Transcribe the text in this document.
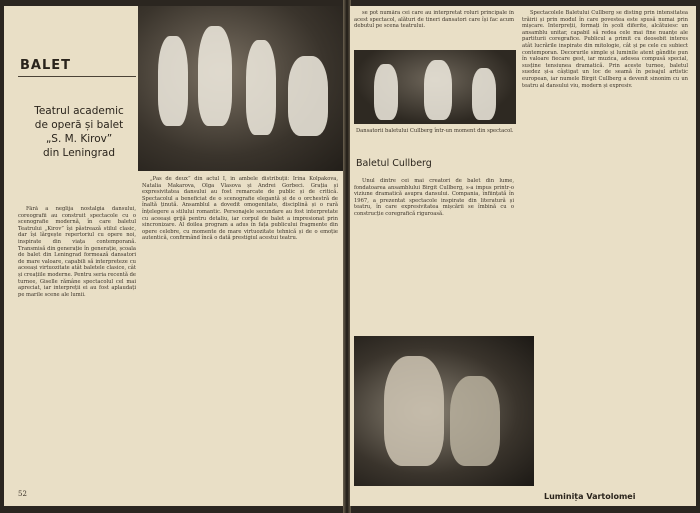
BALET
Teatrul academic
de operă și balet
„S. M. Kirov”
din Leningrad

Fără a neglija nostalgia dansului, coreografii au construit spectacole cu o scenografie modernă, în care baletul Teatrului „Kirov” își păstrează stilul clasic, dar își lărgește repertoriul cu opere noi, inspirate din viața contemporană. Transmisă din generație în generație, școala de balet din Leningrad formează dansatori de mare valoare, capabili să interpreteze cu aceeași virtuozitate atât baletele clasice, cât și creațiile moderne. Pentru seria recentă de turnee, Giselle rămâne spectacolul cel mai apreciat, iar interpreții ei au fost aplaudați pe marile scene ale lumii.

„Pas de deux” din actul I, în ambele distribuții: Irina Kolpakova, Natalia Makarova, Olga Vlasova și Andrei Gorbeci. Grația și expresivitatea dansului au fost remarcate de public și de critică. Spectacolul a beneficiat de o scenografie elegantă și de o orchestră de înaltă ținută. Ansamblul a dovedit omogenitate, disciplină și o rară înțelegere a stilului romantic. Personajele secundare au fost interpretate cu aceeași grijă pentru detaliu, iar corpul de balet a impresionat prin sincronizare. Al doilea program a adus în fața publicului fragmente din opere celebre, cu momente de mare virtuozitate tehnică și de o emoție autentică, confirmând încă o dată prestigiul acestui teatru.

52

se pot număra cei care au interpretat roluri principale în acest spectacol, alături de tineri dansatori care își fac acum debutul pe scena teatrului.

Dansatorii baletului Cullberg într-un moment din spectacol.
Baletul Cullberg

Unul dintre cei mai creatori de balet din lume, fondatoarea ansamblului Birgit Cullberg, s-a impus printr-o viziune dramatică asupra dansului. Compania, înființată în 1967, a prezentat spectacole inspirate din literatură și teatru, în care expresivitatea mișcării se îmbină cu o construcție coregrafică riguroasă.

Spectacolele Baletului Cullberg se disting prin intensitatea trăirii și prin modul în care povestea este spusă numai prin mișcare. Interpreții, formați în școli diferite, alcătuiesc un ansamblu unitar, capabil să redea cele mai fine nuanțe ale partiturii coregrafice. Publicul a primit cu deosebit interes atât lucrările inspirate din mitologie, cât și pe cele cu subiect contemporan. Decorurile simple și luminile atent gândite pun în valoare fiecare gest, iar muzica, adesea compusă special, susține tensiunea dramatică. Prin aceste turnee, baletul suedez și-a câștigat un loc de seamă în peisajul artistic european, iar numele Birgit Cullberg a devenit sinonim cu un teatru al dansului viu, modern și expresiv.

Luminița Vartolomei
